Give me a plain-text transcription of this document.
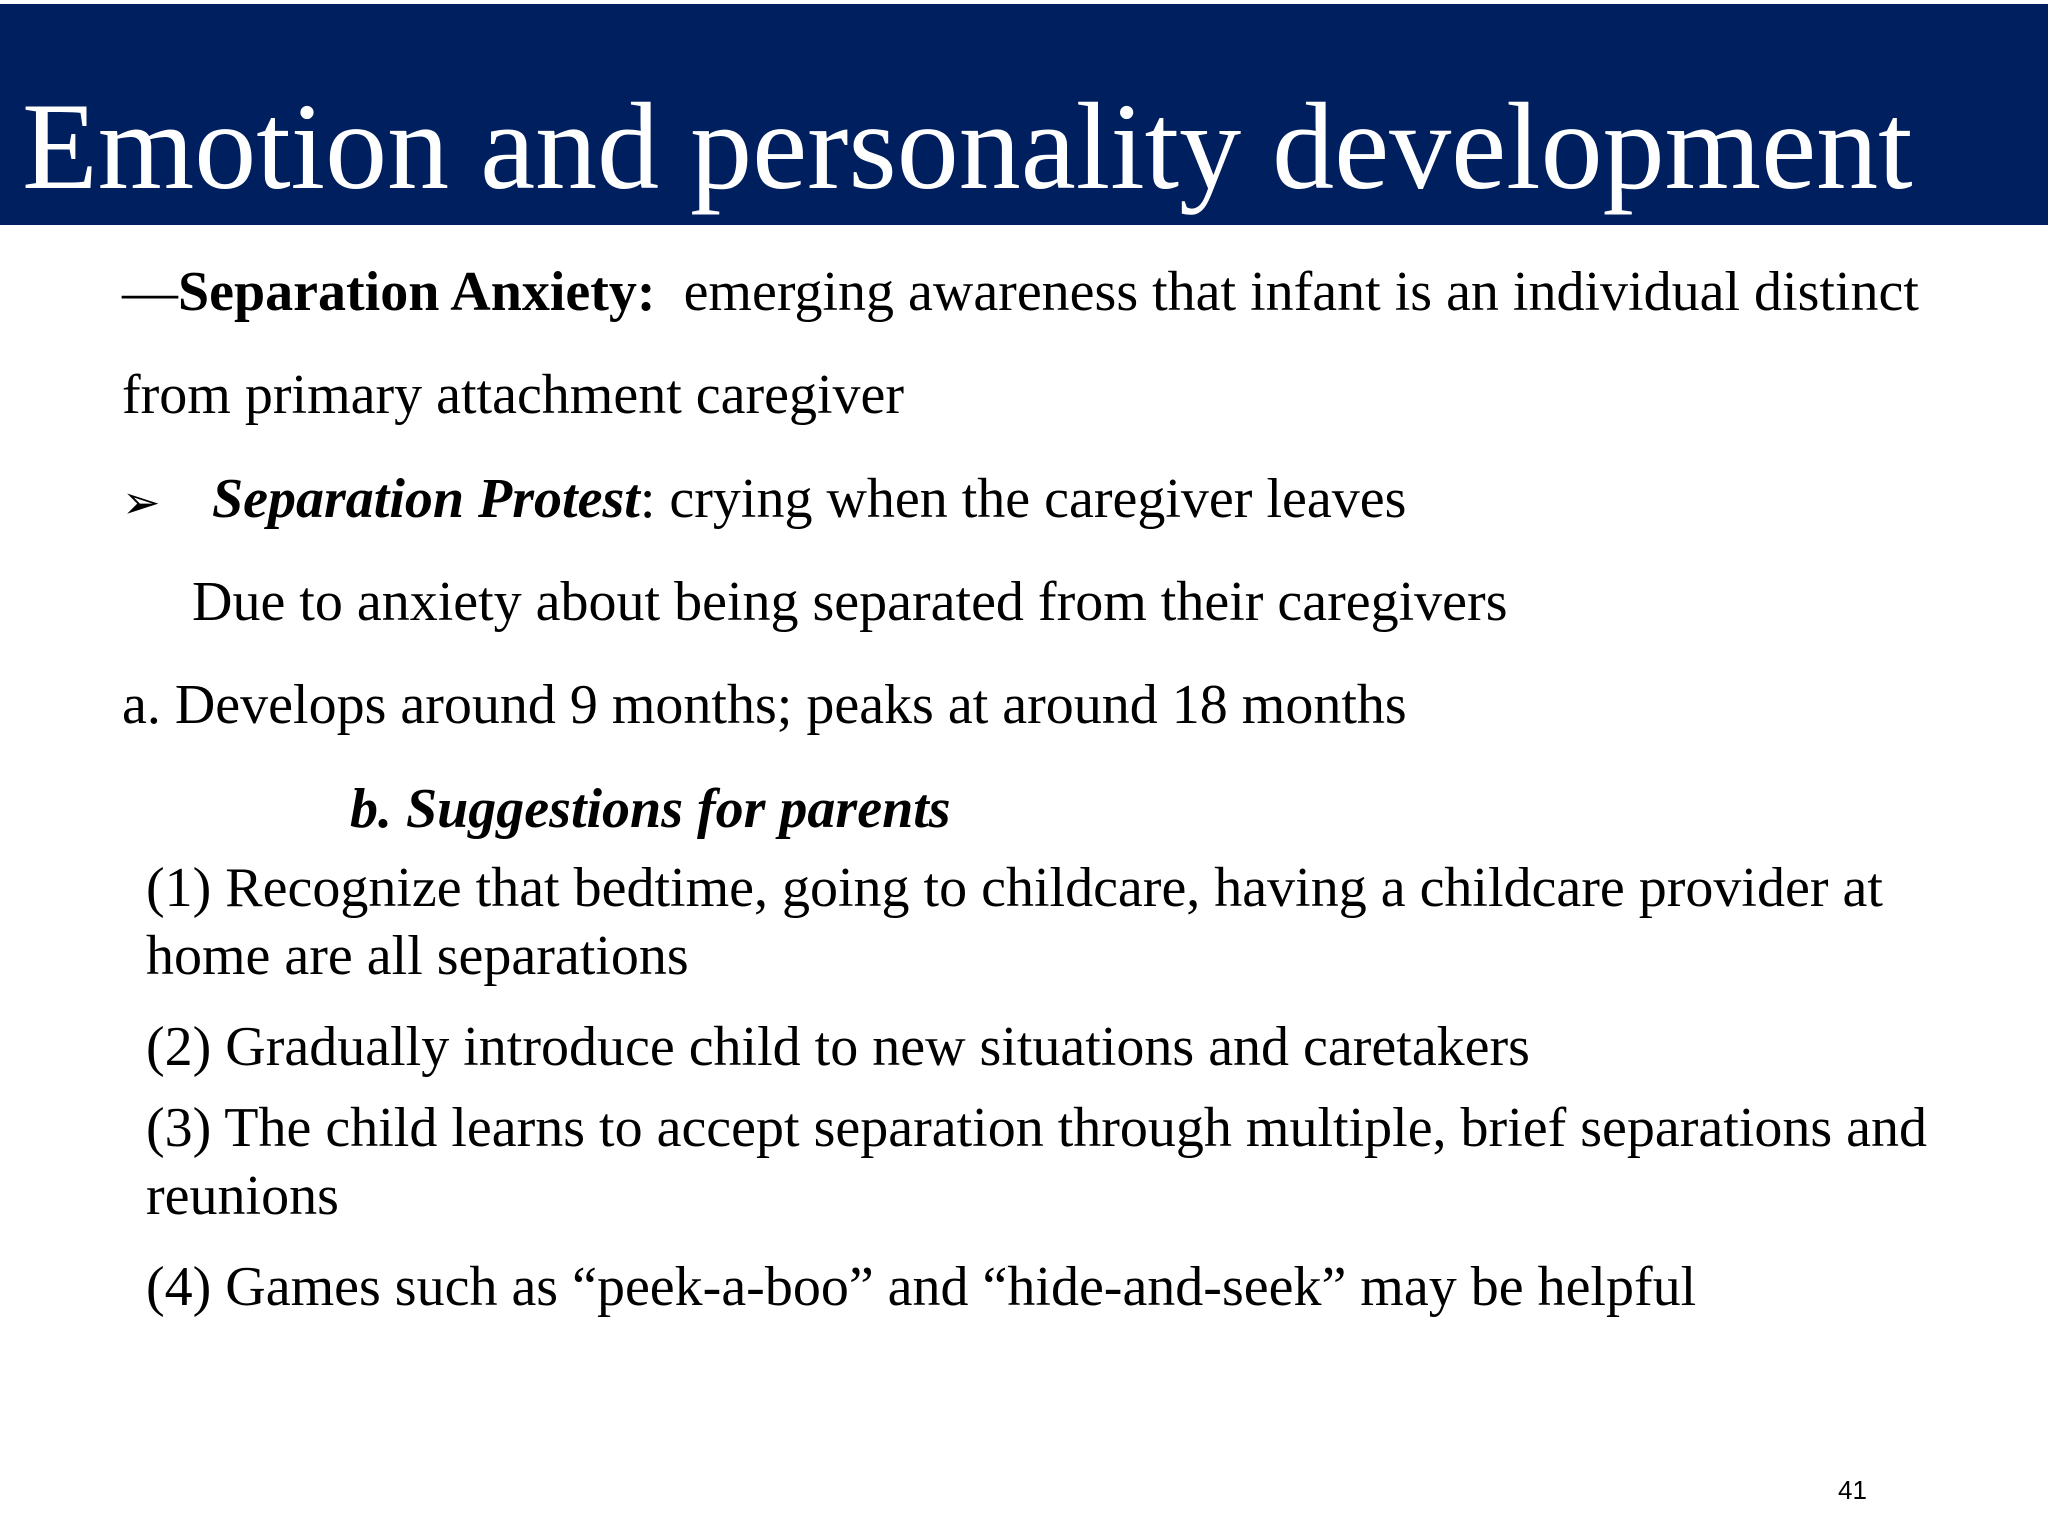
Emotion and personality development

—Separation Anxiety:  emerging awareness that infant is an individual distinct

from primary attachment caregiver

➢ Separation Protest: crying when the caregiver leaves

Due to anxiety about being separated from their caregivers

a. Develops around 9 months; peaks at around 18 months

b. Suggestions for parents

(1) Recognize that bedtime, going to childcare, having a childcare provider at

home are all separations

(2) Gradually introduce child to new situations and caretakers

(3) The child learns to accept separation through multiple, brief separations and

reunions

(4) Games such as “peek-a-boo” and “hide-and-seek” may be helpful

41
